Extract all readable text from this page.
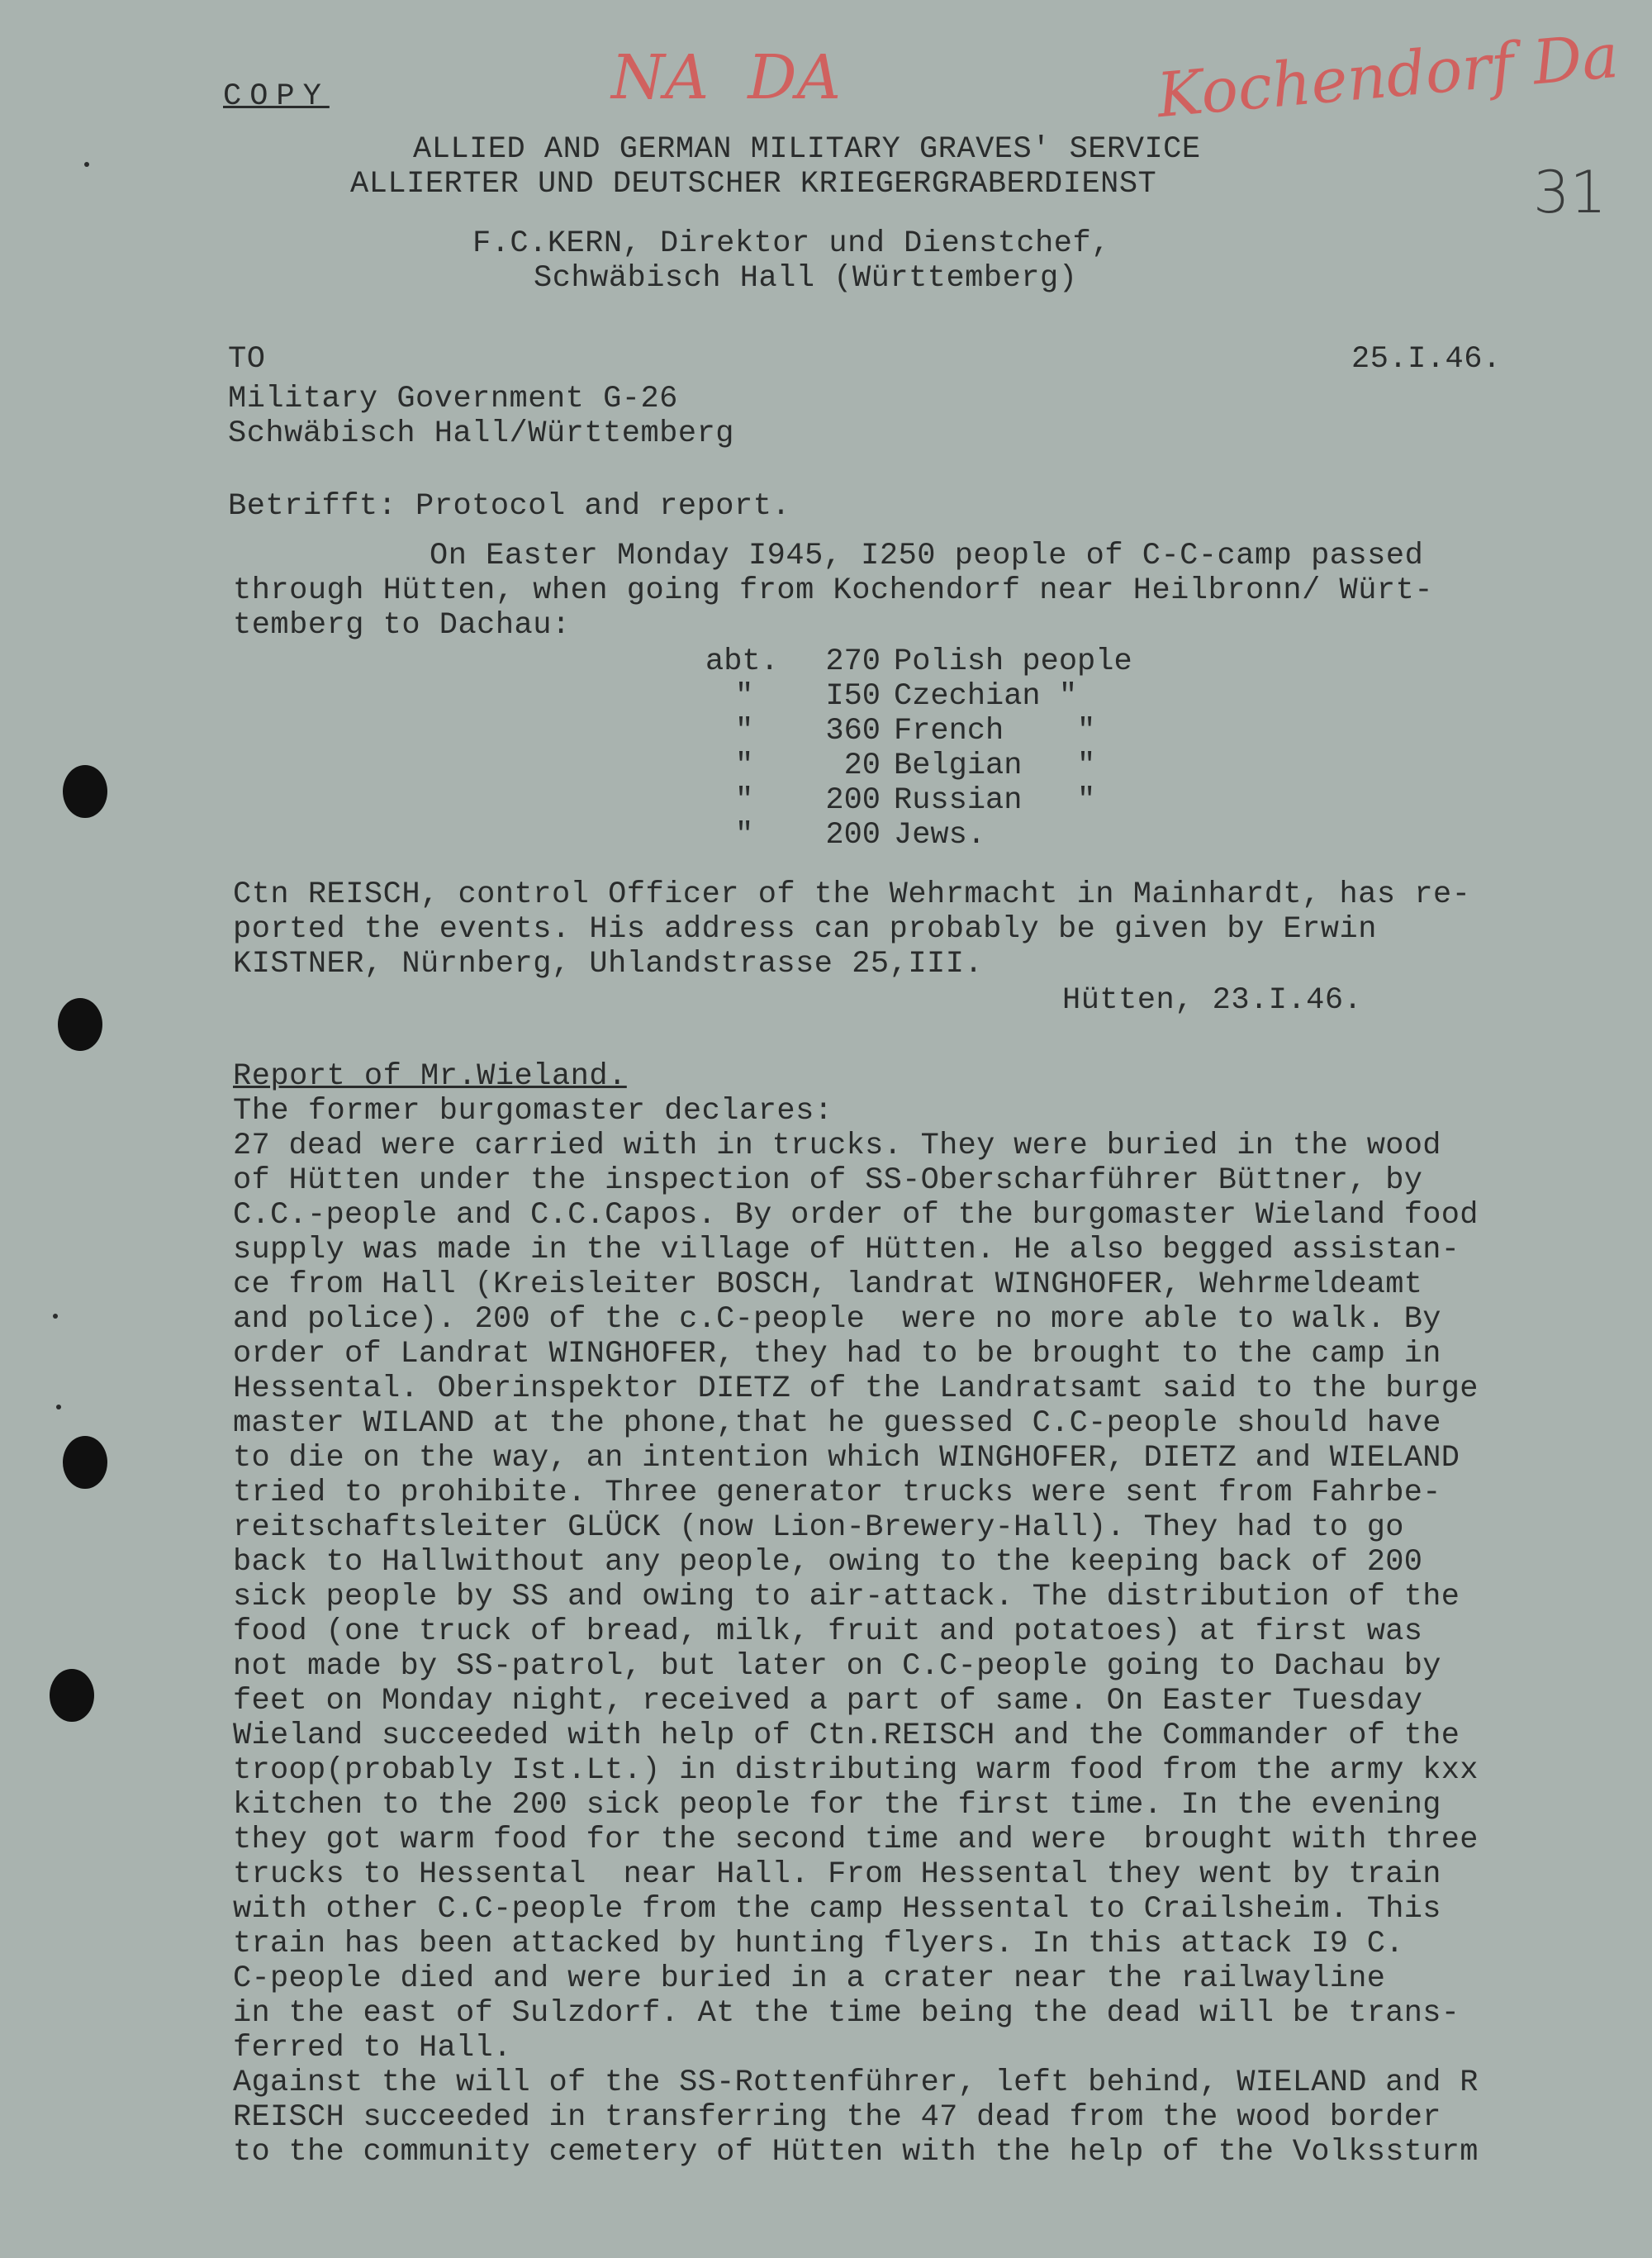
NA  DA	Kochendorf Da
31
COPY
ALLIED AND GERMAN MILITARY GRAVES' SERVICE
ALLIERTER UND DEUTSCHER KRIEGERGRABERDIENST
F.C.KERN, Direktor und Dienstchef,
Schwäbisch Hall (Württemberg)
TO	25.I.46.
Military Government G-26
Schwäbisch Hall/Württemberg
Betrifft: Protocol and report.
On Easter Monday I945, I250 people of C-C-camp passed
through Hütten, when going from Kochendorf near Heilbronn/ Würt-
temberg to Dachau:
abt.	270 Polish people
"	I50 Czechian "
"	360 French    "
"	20 Belgian   "
"	200 Russian   "
"	200 Jews.
Ctn REISCH, control Officer of the Wehrmacht in Mainhardt, has re-
ported the events. His address can probably be given by Erwin
KISTNER, Nürnberg, Uhlandstrasse 25,III.
Hütten, 23.I.46.
Report of Mr.Wieland.
The former burgomaster declares:
27 dead were carried with in trucks. They were buried in the wood
of Hütten under the inspection of SS-Oberscharführer Büttner, by
C.C.-people and C.C.Capos. By order of the burgomaster Wieland food
supply was made in the village of Hütten. He also begged assistan-
ce from Hall (Kreisleiter BOSCH, landrat WINGHOFER, Wehrmeldeamt
and police). 200 of the c.C-people  were no more able to walk. By
order of Landrat WINGHOFER, they had to be brought to the camp in
Hessental. Oberinspektor DIETZ of the Landratsamt said to the burge
master WILAND at the phone,that he guessed C.C-people should have
to die on the way, an intention which WINGHOFER, DIETZ and WIELAND
tried to prohibite. Three generator trucks were sent from Fahrbe-
reitschaftsleiter GLÜCK (now Lion-Brewery-Hall). They had to go
back to Hallwithout any people, owing to the keeping back of 200
sick people by SS and owing to air-attack. The distribution of the
food (one truck of bread, milk, fruit and potatoes) at first was
not made by SS-patrol, but later on C.C-people going to Dachau by
feet on Monday night, received a part of same. On Easter Tuesday
Wieland succeeded with help of Ctn.REISCH and the Commander of the
troop(probably Ist.Lt.) in distributing warm food from the army kxx
kitchen to the 200 sick people for the first time. In the evening
they got warm food for the second time and were  brought with three
trucks to Hessental  near Hall. From Hessental they went by train
with other C.C-people from the camp Hessental to Crailsheim. This
train has been attacked by hunting flyers. In this attack I9 C.
C-people died and were buried in a crater near the railwayline
in the east of Sulzdorf. At the time being the dead will be trans-
ferred to Hall.
Against the will of the SS-Rottenführer, left behind, WIELAND and R
REISCH succeeded in transferring the 47 dead from the wood border
to the community cemetery of Hütten with the help of the Volkssturm
